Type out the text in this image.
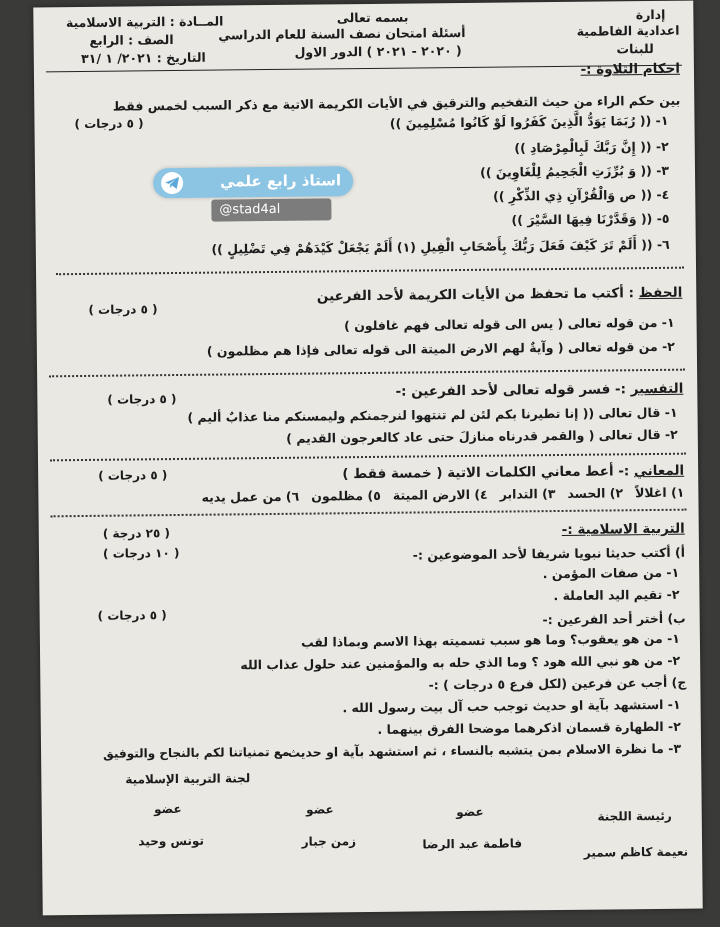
إدارة
اعدادية الفاطمية
للبنات
بسمه تعالى
أسئلة امتحان نصف السنة للعام الدراسي
( ٢٠٢٠ - ٢٠٢١ ) الدور الاول
المــادة : التربية الاسلامية
الصف : الرابع
التاريخ : ٢٠٢١/ ١ /٣١
احكام التلاوة :-
بين حكم الراء من حيث التفخيم والترقيق في الأيات الكريمة الاتية مع ذكر السبب لخمس فقط
( ٥ درجات )	١- (( رُبَمَا يَوَدُّ الَّذِينَ كَفَرُوا لَوْ كَانُوا مُسْلِمِينَ ))
٢- (( إِنَّ رَبَّكَ لَبِالْمِرْصَادِ ))
٣- (( وَ بُرِّزَتِ الْجَحِيمُ لِلْغَاوِينَ ))
٤- (( ص وَالْقُرْآنِ ذِي الذِّكْرِ ))
٥- (( وَقَدَّرْنَا فِيهَا السَّيْرَ ))
٦- (( أَلَمْ تَرَ كَيْفَ فَعَلَ رَبُّكَ بِأَصْحَابِ الْفِيلِ (١) أَلَمْ يَجْعَلْ كَيْدَهُمْ فِي تَضْلِيلٍ ))
استاذ رابع علمي
@stad4al
الحفظ : أكتب ما تحفظ من الأيات الكريمة لأحد الفرعين
( ٥ درجات )
١- من قوله تعالى ( يس الى قوله تعالى فهم غافلون )
٢- من قوله تعالى ( وآيةٌ لهم الارض الميتة الى قوله تعالى فإذا هم مظلمون )
التفسير :- فسر قوله تعالى لأحد الفرعين :-
( ٥ درجات )
١- قال تعالى (( إنا تطيرنا بكم لئن لم تنتهوا لنرجمنكم وليمسنكم منا عذابٌ أليم )
٢- قال تعالى ( والقمر قدرناه منازلَ حتى عاد كالعرجون القديم )
المعاني :- أعط معاني الكلمات الاتية ( خمسة فقط )
( ٥ درجات )
١) اغلالاً
٢) الحسد
٣) التدابر
٤) الارض الميتة
٥) مظلمون
٦) من عمل يديه
التربية الاسلامية :-
( ٢٥ درجة )
أ) أكتب حديثا نبويا شريفا لأحد الموضوعين :-
( ١٠ درجات )
١- من صفات المؤمن .
٢- تقيم اليد العاملة .
ب) أختر أحد الفرعين :-
( ٥ درجات )
١- من هو يعقوب؟ وما هو سبب تسميته بهذا الاسم وبماذا لقب
٢- من هو نبي الله هود ؟ وما الذي حله به والمؤمنين عند حلول عذاب الله
ج) أجب عن فرعين (لكل فرع ٥ درجات ) :-
١- استشهد بآية او حديث توجب حب آل بيت رسول الله .
٢- الطهارة قسمان اذكرهما موضحا الفرق بينهما .
٣- ما نظرة الاسلام بمن يتشبه بالنساء ، ثم استشهد بآية او حديث .
مع تمنياتنا لكم بالنجاح والتوفيق
لجنة التربية الإسلامية
رئيسة اللجنة
نعيمة كاظم سمير
عضو
فاطمة عبد الرضا
عضو
زمن جبار
عضو
تونس وحيد
